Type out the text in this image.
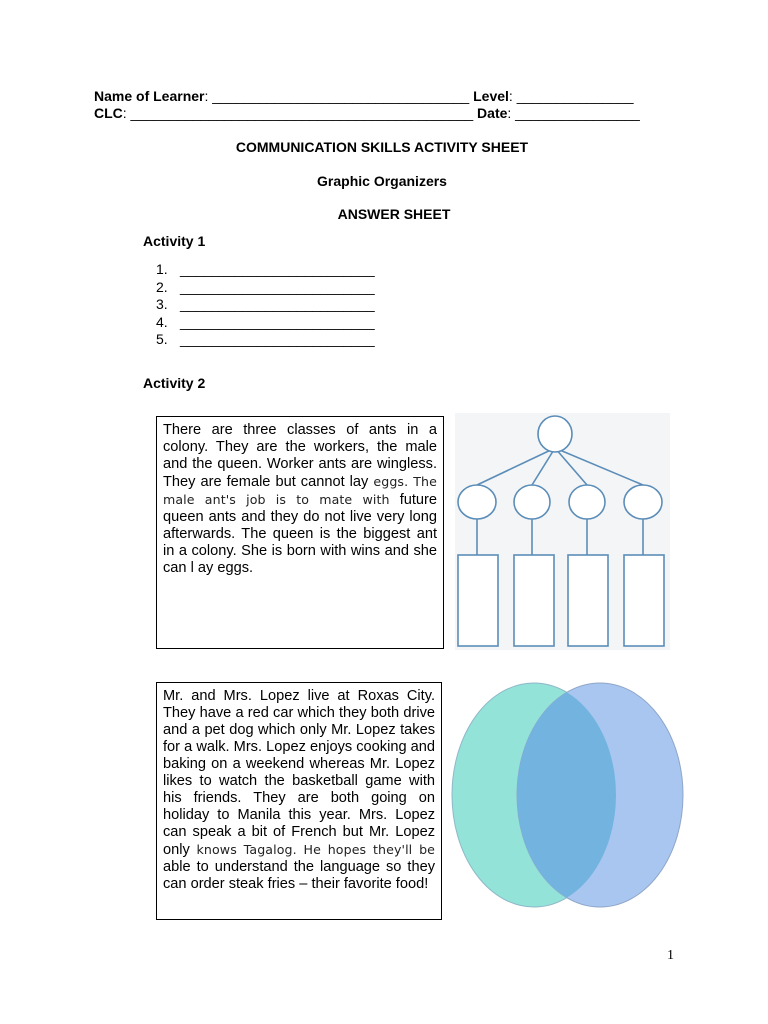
Name of Learner: _________________________________ Level: _______________
CLC: ____________________________________________ Date: ________________
COMMUNICATION SKILLS ACTIVITY SHEET
Graphic Organizers
ANSWER SHEET
Activity 1
1. _________________________
2. _________________________
3. _________________________
4. _________________________
5. _________________________
Activity 2
There are three classes of ants in a colony. They are the workers, the male and the queen. Worker ants are wingless. They are female but cannot lay eggs. The male ant's job is to mate with future queen ants and they do not live very long afterwards. The queen is the biggest ant in a colony. She is born with wins and she can l ay eggs.
Mr. and Mrs. Lopez live at Roxas City. They have a red car which they both drive and a pet dog which only Mr. Lopez takes for a walk. Mrs. Lopez enjoys cooking and baking on a weekend whereas Mr. Lopez likes to watch the basketball game with his friends. They are both going on holiday to Manila this year. Mrs. Lopez can speak a bit of French but Mr. Lopez only knows Tagalog. He hopes they'll be able to understand the language so they can order steak fries – their favorite food!
1
